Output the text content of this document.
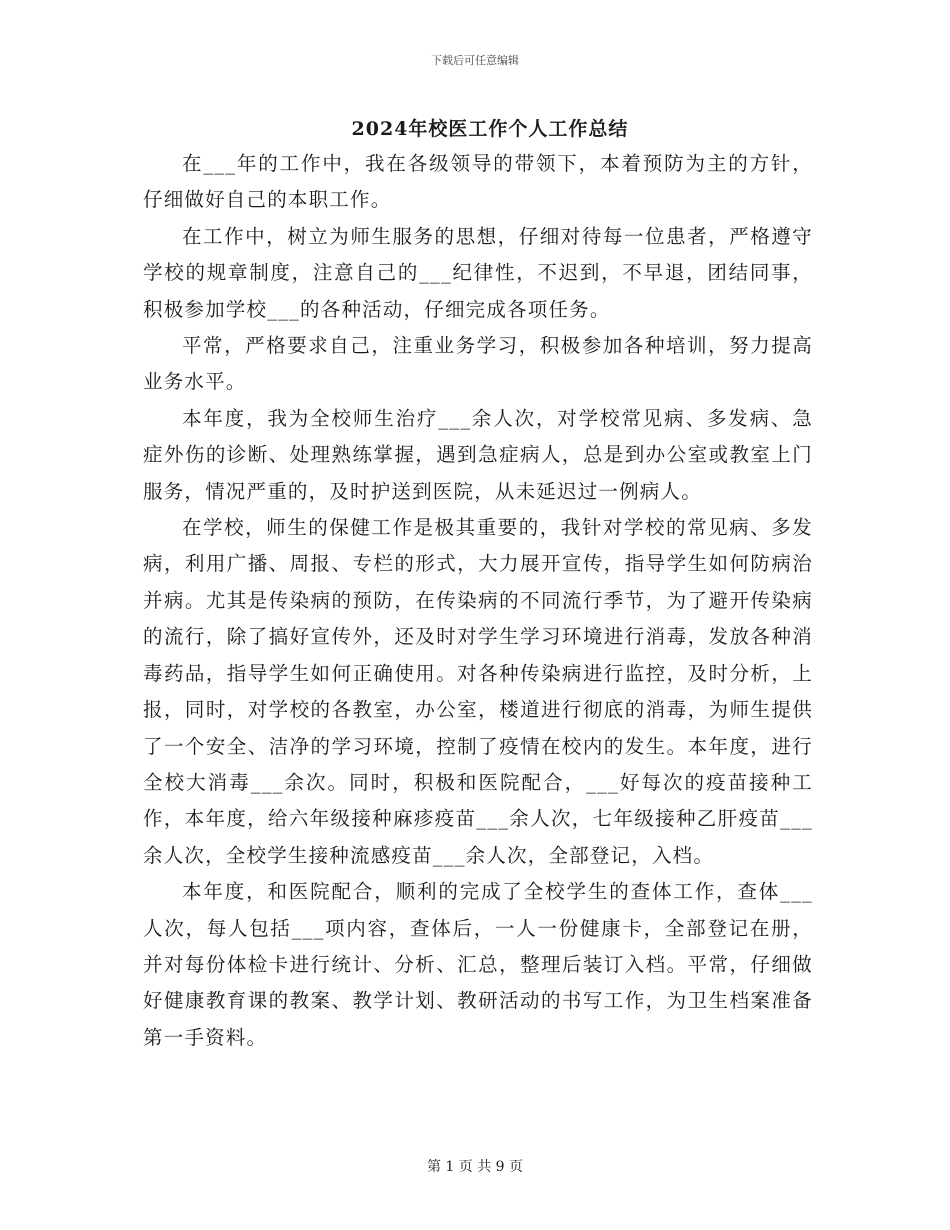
下载后可任意编辑
2024年校医工作个人工作总结

在___年的工作中，我在各级领导的带领下，本着预防为主的方针，仔细做好自己的本职工作。

在工作中，树立为师生服务的思想，仔细对待每一位患者，严格遵守学校的规章制度，注意自己的___纪律性，不迟到，不早退，团结同事，积极参加学校___的各种活动，仔细完成各项任务。

平常，严格要求自己，注重业务学习，积极参加各种培训，努力提高业务水平。

本年度，我为全校师生治疗___余人次，对学校常见病、多发病、急症外伤的诊断、处理熟练掌握，遇到急症病人，总是到办公室或教室上门服务，情况严重的，及时护送到医院，从未延迟过一例病人。

在学校，师生的保健工作是极其重要的，我针对学校的常见病、多发病，利用广播、周报、专栏的形式，大力展开宣传，指导学生如何防病治并病。尤其是传染病的预防，在传染病的不同流行季节，为了避开传染病的流行，除了搞好宣传外，还及时对学生学习环境进行消毒，发放各种消毒药品，指导学生如何正确使用。对各种传染病进行监控，及时分析，上报，同时，对学校的各教室，办公室，楼道进行彻底的消毒，为师生提供了一个安全、洁净的学习环境，控制了疫情在校内的发生。本年度，进行全校大消毒___余次。同时，积极和医院配合，___好每次的疫苗接种工作，本年度，给六年级接种麻疹疫苗___余人次，七年级接种乙肝疫苗___余人次，全校学生接种流感疫苗___余人次，全部登记，入档。

本年度，和医院配合，顺利的完成了全校学生的查体工作，查体___人次，每人包括___项内容，查体后，一人一份健康卡，全部登记在册，并对每份体检卡进行统计、分析、汇总，整理后装订入档。平常，仔细做好健康教育课的教案、教学计划、教研活动的书写工作，为卫生档案准备第一手资料。

第 1 页 共 9 页
